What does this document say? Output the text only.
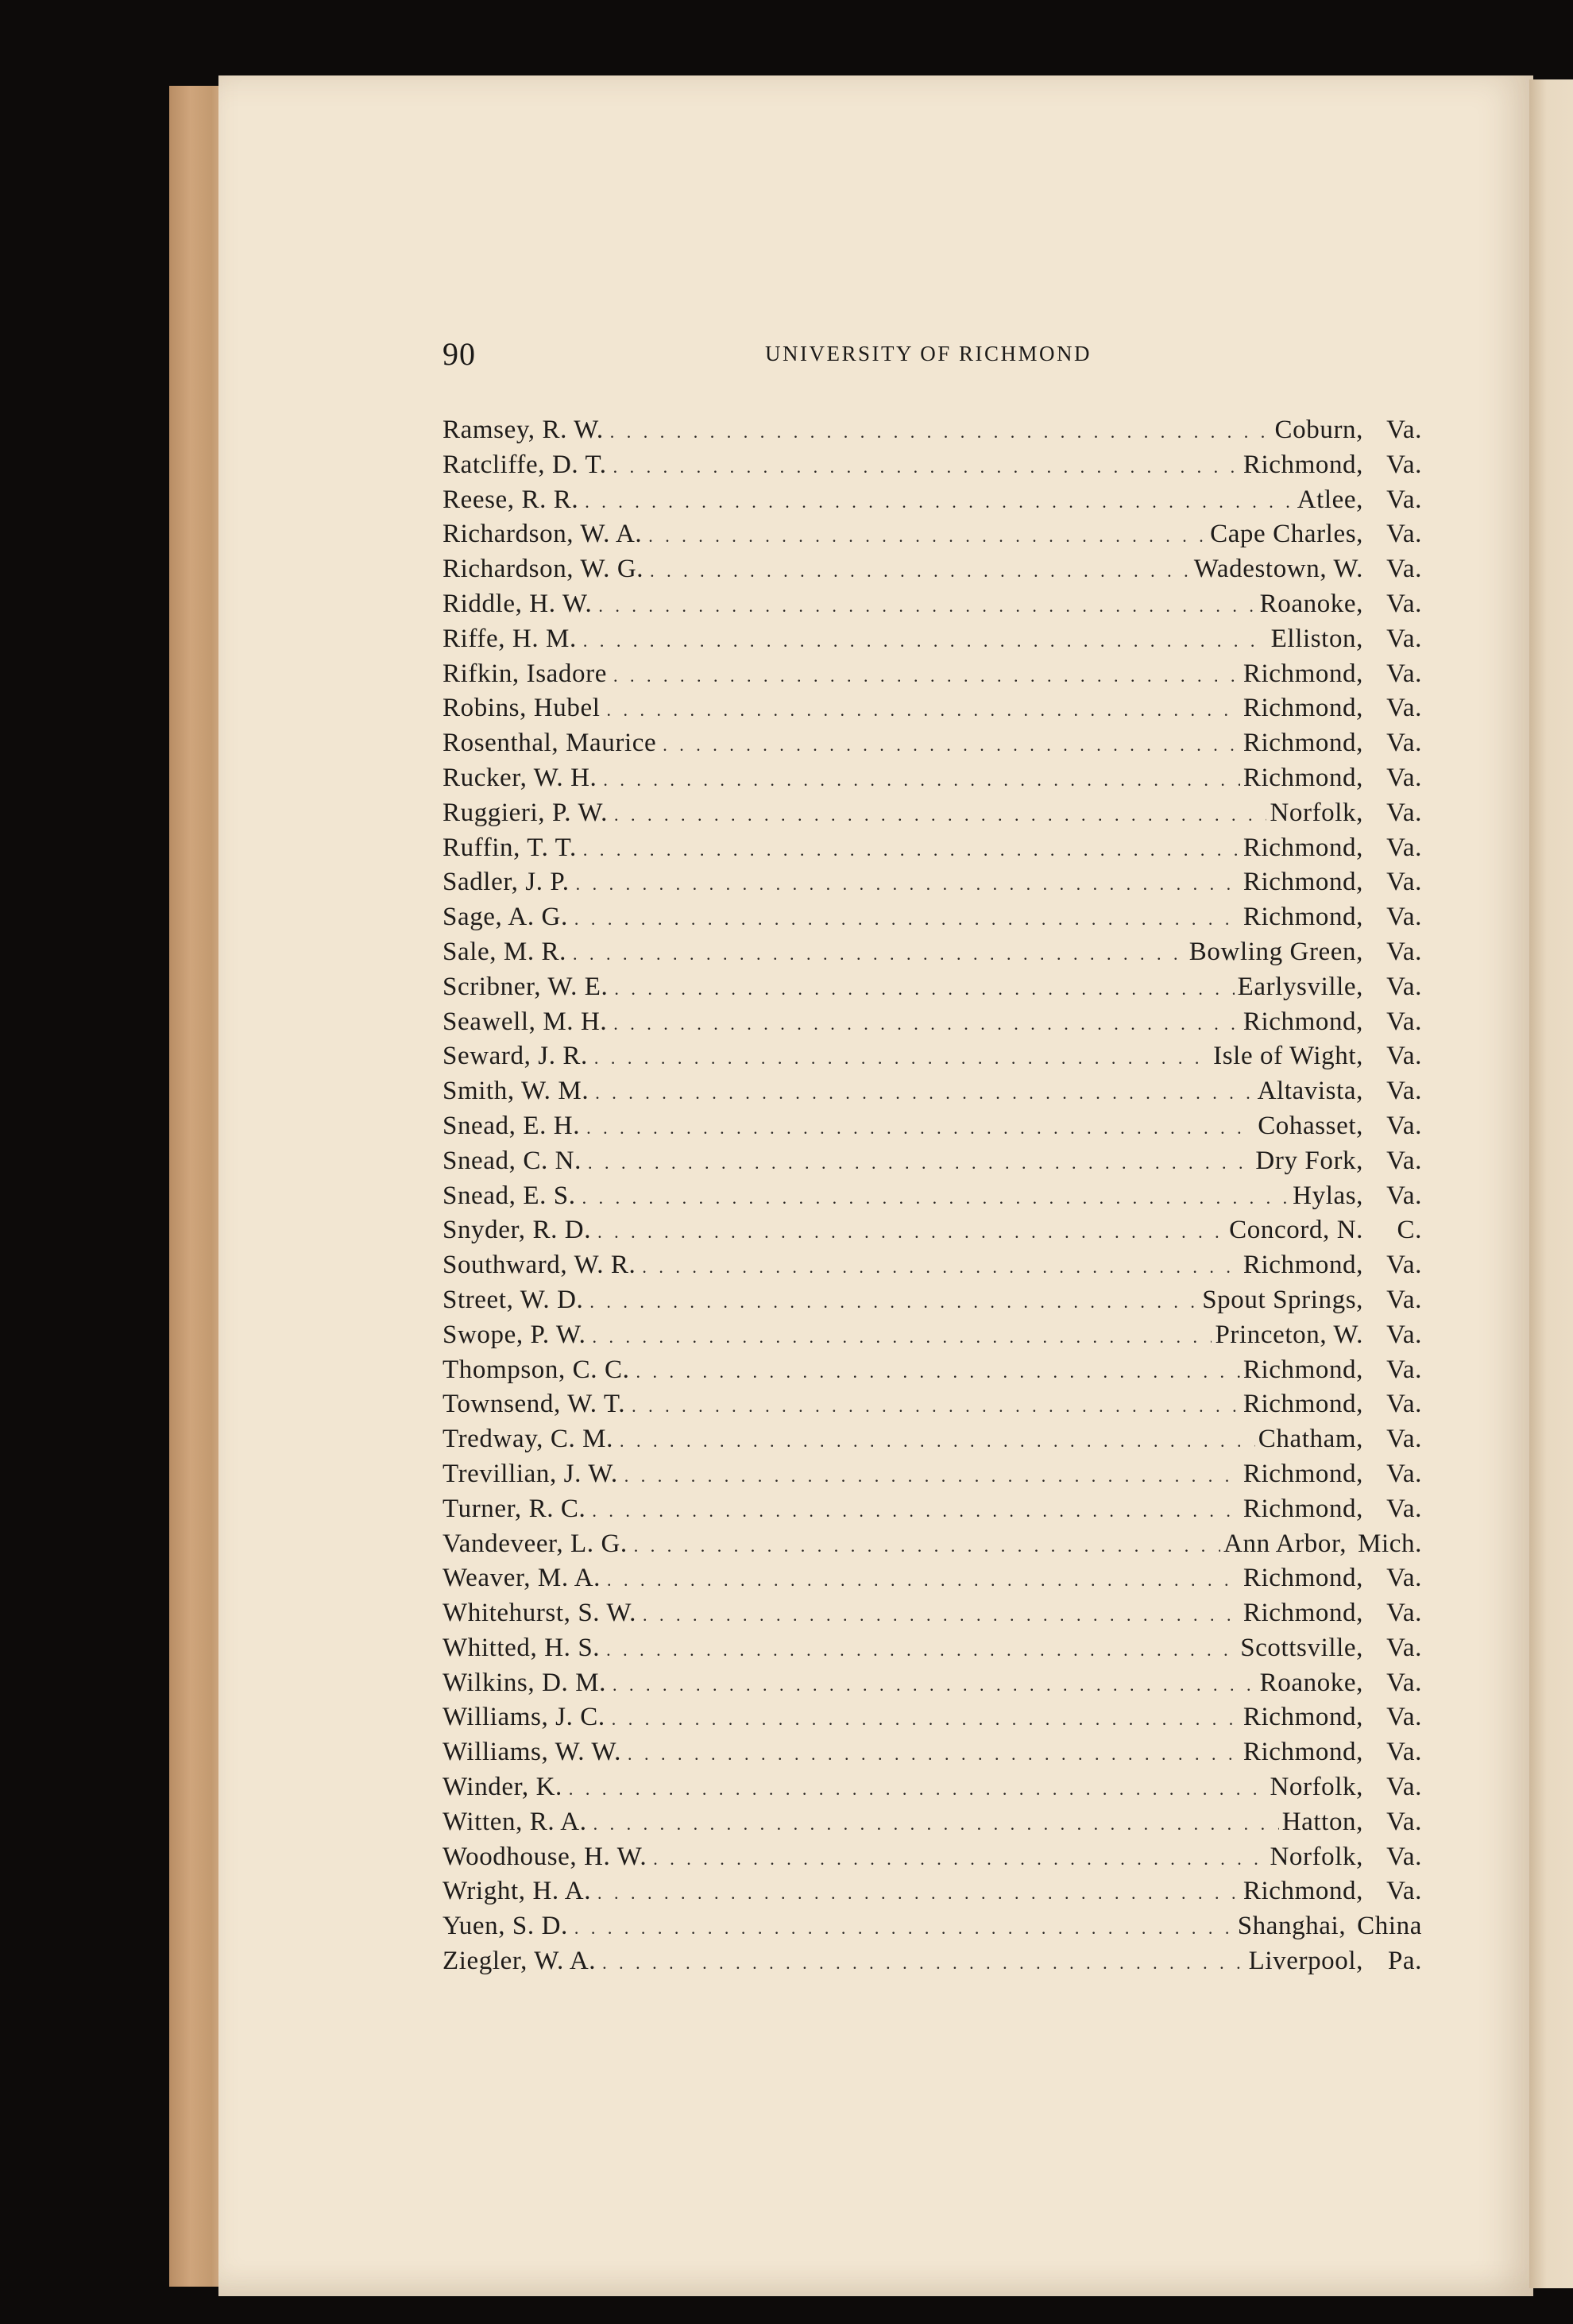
90	UNIVERSITY OF RICHMOND
Ramsey, R. W. . . .	Coburn, Va.
Ratcliffe, D. T. . . .	Richmond, Va.
Reese, R. R. . . .	Atlee, Va.
Richardson, W. A. . . .	Cape Charles, Va.
Richardson, W. G. . . .	Wadestown, W. Va.
Riddle, H. W. . . .	Roanoke, Va.
Riffe, H. M. . . .	Elliston, Va.
Rifkin, Isadore . . .	Richmond, Va.
Robins, Hubel . . .	Richmond, Va.
Rosenthal, Maurice . . .	Richmond, Va.
Rucker, W. H. . . .	Richmond, Va.
Ruggieri, P. W. . . .	Norfolk, Va.
Ruffin, T. T. . . .	Richmond, Va.
Sadler, J. P. . . .	Richmond, Va.
Sage, A. G. . . .	Richmond, Va.
Sale, M. R. . . .	Bowling Green, Va.
Scribner, W. E. . . .	Earlysville, Va.
Seawell, M. H. . . .	Richmond, Va.
Seward, J. R. . . .	Isle of Wight, Va.
Smith, W. M. . . .	Altavista, Va.
Snead, E. H. . . .	Cohasset, Va.
Snead, C. N. . . .	Dry Fork, Va.
Snead, E. S. . . .	Hylas, Va.
Snyder, R. D. . . .	Concord, N.	C.
Southward, W. R. . . .	Richmond, Va.
Street, W. D. . . .	Spout Springs, Va.
Swope, P. W. . . .	Princeton, W. Va.
Thompson, C. C. . . .	Richmond, Va.
Townsend, W. T. . . .	Richmond, Va.
Tredway, C. M. . . .	Chatham, Va.
Trevillian, J. W. . . .	Richmond, Va.
Turner, R. C. . . .	Richmond, Va.
Vandeveer, L. G. . . .	Ann Arbor, Mich.
Weaver, M. A. . . .	Richmond, Va.
Whitehurst, S. W. . . .	Richmond, Va.
Whitted, H. S. . . .	Scottsville, Va.
Wilkins, D. M. . . .	Roanoke, Va.
Williams, J. C. . . .	Richmond, Va.
Williams, W. W. . . .	Richmond, Va.
Winder, K. . . .	Norfolk, Va.
Witten, R. A. . . .	Hatton, Va.
Woodhouse, H. W. . . .	Norfolk, Va.
Wright, H. A. . . .	Richmond, Va.
Yuen, S. D. . . .	Shanghai, China
Ziegler, W. A. . . .	Liverpool, Pa.
